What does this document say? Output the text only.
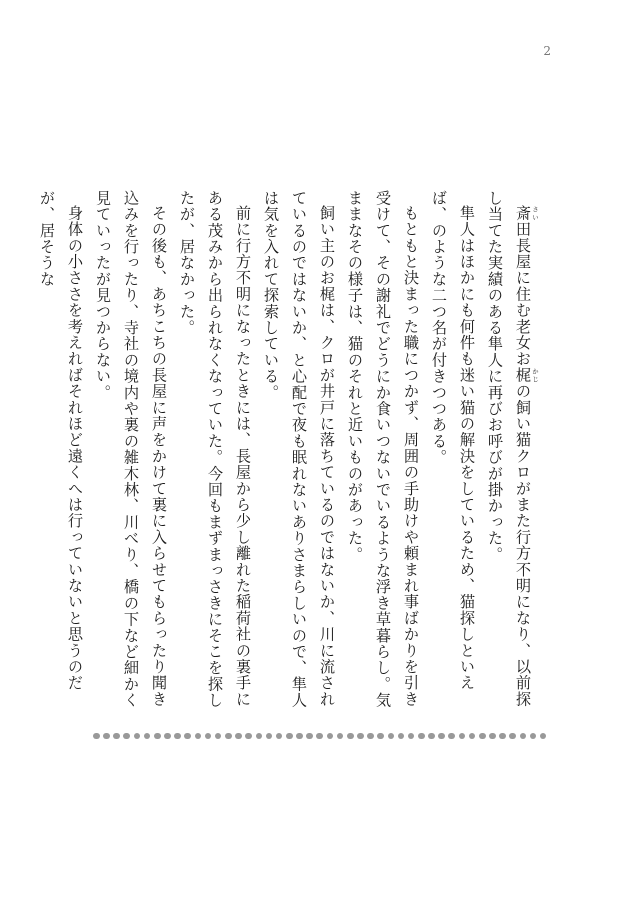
2

斎 さい田長屋に住む老女お梶 かじの飼い猫クロがまた行方不明になり、以前探し当てた実績のある隼人に再びお呼びが掛かった。

隼人はほかにも何件も迷い猫の解決をしているため、猫探しといえば、のような二つ名が付きつつある。

もともと決まった職につかず、周囲の手助けや頼まれ事ばかりを引き受けて、その謝礼でどうにか食いつないでいるような浮き草暮らし。気ままなその様子は、猫のそれと近いものがあった。

飼い主のお梶は、クロが井戸に落ちているのではないか、川に流されているのではないか、と心配で夜も眠れないありさまらしいので、隼人は気を入れて探索している。

前に行方不明になったときには、長屋から少し離れた稲荷社の裏手にある茂みから出られなくなっていた。今回もまずまっさきにそこを探したが、居なかった。

その後も、あちこちの長屋に声をかけて裏に入らせてもらったり聞き込みを行ったり、寺社の境内や裏の雑木林、川べり、橋の下など細かく見ていったが見つからない。

身体の小ささを考えればそれほど遠くへは行っていないと思うのだが、居そうな
